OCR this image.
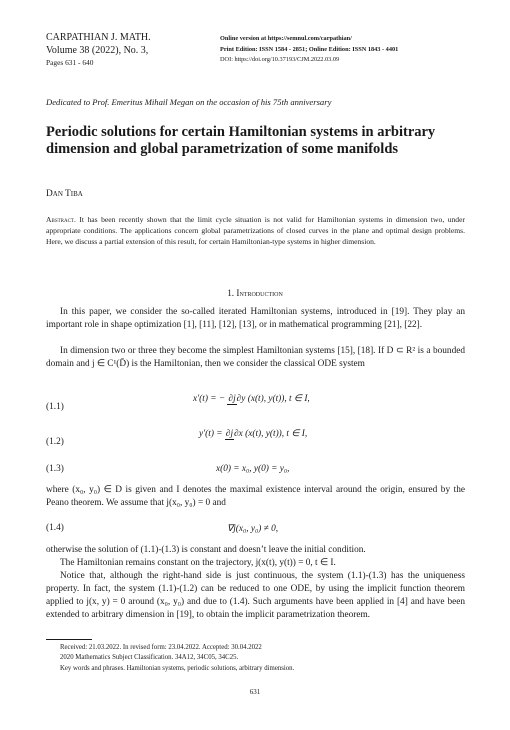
CARPATHIAN J. MATH.
Volume 38 (2022), No. 3,
Pages 631 - 640
Online version at https://semnul.com/carpathian/
Print Edition: ISSN 1584 - 2851; Online Edition: ISSN 1843 - 4401
DOI: https://doi.org/10.37193/CJM.2022.03.09
Dedicated to Prof. Emeritus Mihail Megan on the occasion of his 75th anniversary
Periodic solutions for certain Hamiltonian systems in arbitrary dimension and global parametrization of some manifolds
Dan Tiba
Abstract. It has been recently shown that the limit cycle situation is not valid for Hamiltonian systems in dimension two, under appropriate conditions. The applications concern global parametrizations of closed curves in the plane and optimal design problems. Here, we discuss a partial extension of this result, for certain Hamiltonian-type systems in higher dimension.
1. Introduction
In this paper, we consider the so-called iterated Hamiltonian systems, introduced in [19]. They play an important role in shape optimization [1], [11], [12], [13], or in mathematical programming [21], [22].
In dimension two or three they become the simplest Hamiltonian systems [15], [18]. If D ⊂ R² is a bounded domain and j ∈ C¹(D̄) is the Hamiltonian, then we consider the classical ODE system
(1.1)
x′(t) = − ∂j∂y (x(t), y(t)), t ∈ I,
(1.2)
y′(t) = ∂j∂x (x(t), y(t)), t ∈ I,
(1.3)	x(0) = x₀, y(0) = y₀,
where (x₀, y₀) ∈ D is given and I denotes the maximal existence interval around the origin, ensured by the Peano theorem. We assume that j(x₀, y₀) = 0 and
(1.4)	∇j(x₀, y₀) ≠ 0,
otherwise the solution of (1.1)-(1.3) is constant and doesn’t leave the initial condition.
The Hamiltonian remains constant on the trajectory, j(x(t), y(t)) = 0, t ∈ I.
Notice that, although the right-hand side is just continuous, the system (1.1)-(1.3) has the uniqueness property. In fact, the system (1.1)-(1.2) can be reduced to one ODE, by using the implicit function theorem applied to j(x, y) = 0 around (x₀, y₀) and due to (1.4). Such arguments have been applied in [4] and have been extended to arbitrary dimension in [19], to obtain the implicit parametrization theorem.
Received: 21.03.2022. In revised form: 23.04.2022. Accepted: 30.04.2022
2020 Mathematics Subject Classification. 34A12, 34C05, 34C25.
Key words and phrases. Hamiltonian systems, periodic solutions, arbitrary dimension.
631
